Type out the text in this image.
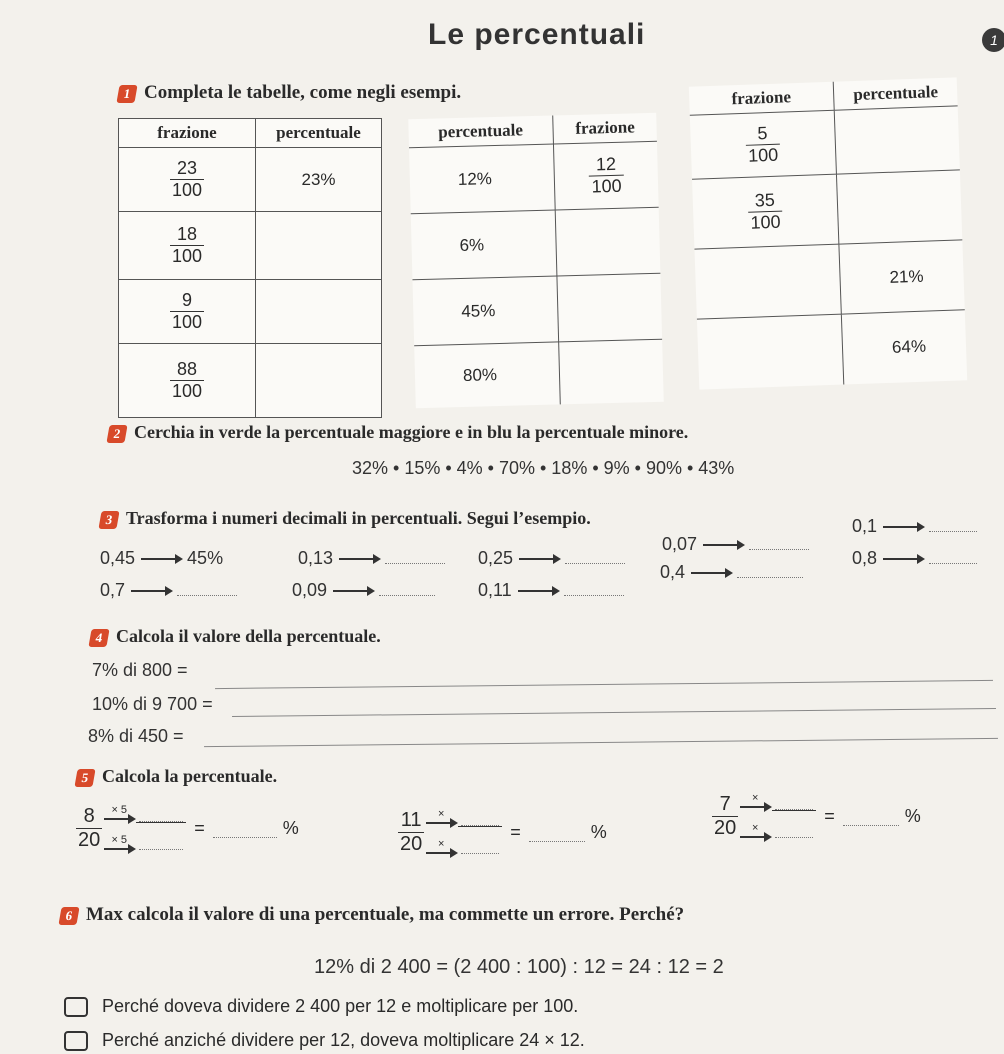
Le percentuali	1
1 Completa le tabelle, come negli esempi.
frazione	percentuale

$\frac{23}{100}$	23%

$\frac{18}{100}$

$\frac{9}{100}$

$\frac{88}{100}$

percentuale	frazione
12%	$\frac{12}{100}$

6%	
45%	
80%	
frazione	percentuale

$\frac{5}{100}$

$\frac{35}{100}$

	21%
	64%
2 Cerchia in verde la percentuale maggiore e in blu la percentuale minore.
32% • 15% • 4% • 70% • 18% • 9% • 90% • 43%
3 Trasforma i numeri decimali in percentuali. Segui l’esempio.
0,45	45%	0,13	0,25
0,07
0,1
0,8
0,7	0,09	0,11
0,4
4 Calcola il valore della percentuale.
7% di 800 =
10% di 9 700 =
8% di 450 =
5 Calcola la percentuale.
$\frac{8}{20} \times 5$
× 5
=	%	$\frac{11}{20}$ ×
×
=	%	$\frac{7}{20}$ ×
×
=	%
6 Max calcola il valore di una percentuale, ma commette un errore. Perché?
12% di 2 400 = (2 400 : 100) : 12 = 24 : 12 = 2
Perché doveva dividere 2 400 per 12 e moltiplicare per 100.
Perché anziché dividere per 12, doveva moltiplicare 24 × 12.
